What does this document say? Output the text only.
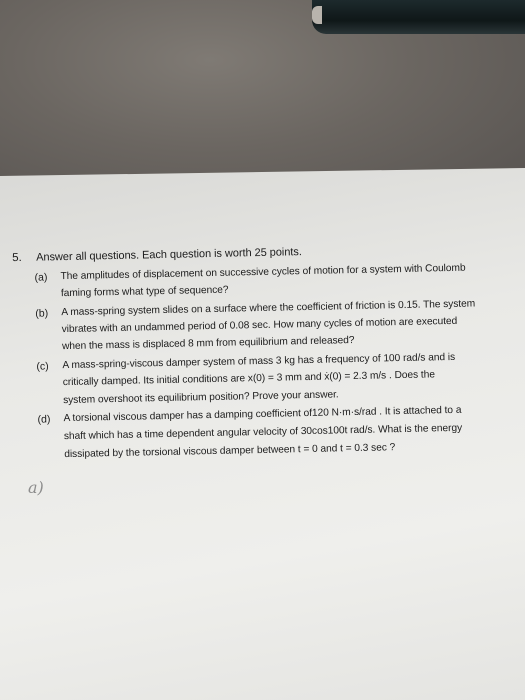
5. Answer all questions. Each question is worth 25 points.
(a) The amplitudes of displacement on successive cycles of motion for a system with Coulomb
faming forms what type of sequence?
(b) A mass-spring system slides on a surface where the coefficient of friction is 0.15. The system
vibrates with an undammed period of 0.08 sec. How many cycles of motion are executed
when the mass is displaced 8 mm from equilibrium and released?
(c) A mass-spring-viscous damper system of mass 3 kg has a frequency of 100 rad/s and is
critically damped. Its initial conditions are x(0) = 3 mm and ẋ(0) = 2.3 m/s . Does the
system overshoot its equilibrium position? Prove your answer.
(d) A torsional viscous damper has a damping coefficient of120 N·m·s/rad . It is attached to a
shaft which has a time dependent angular velocity of 30cos100t rad/s. What is the energy
dissipated by the torsional viscous damper between t = 0 and t = 0.3 sec ?
a)
